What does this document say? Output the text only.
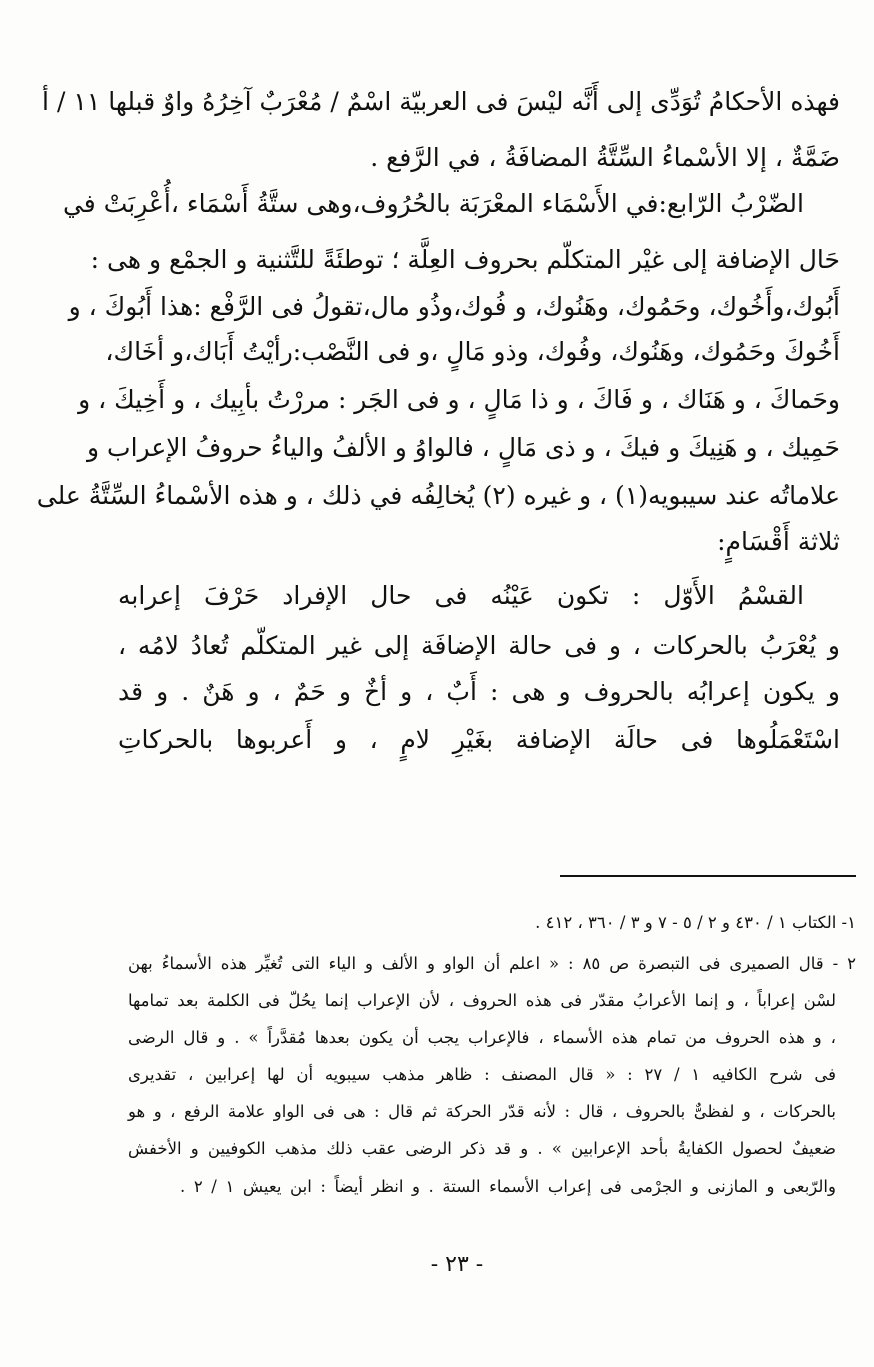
فهذه الأحكامُ تُوَدِّى إلى أَنَّه ليْسَ فى العربيّة اسْمٌ / مُعْرَبٌ آخِرُهُ واوٌ قبلها ١١ / أ
ضَمَّةٌ ، إلا الأسْماءُ السِّتَّةُ المضافَةُ ، في الرَّفع .
الضّرْبُ الرّابع:في الأَسْمَاء المعْرَبَة بالحُرُوف،وهى ستَّةُ أَسْمَاء ،أُعْرِبَتْ في
حَال الإضافة إلى غيْر المتكلّم بحروف العِلَّة ؛ توطئَةً للتَّثنية و الجمْع و هى :
أَبُوك،وأَخُوك، وحَمُوك، وهَنُوك، و فُوك،وذُو مال،تقولُ فى الرَّفْع :هذا أَبُوكَ ، و
أَخُوكَ وحَمُوك، وهَنُوك، وفُوك، وذو مَالٍ ،و فى النَّصْب:رأيْتُ أَبَاك،و أخَاك،
وحَماكَ ، و هَنَاك ، و فَاكَ ، و ذا مَالٍ ، و فى الجَر : مررْتُ بأبِيك ، و أَخِيكَ ، و
حَمِيك ، و هَنِيكَ و فيكَ ، و ذى مَالٍ ، فالواوُ و الألفُ والياءُ حروفُ الإعراب و
علاماتُه عند سيبويه(١) ، و غيره (٢) يُخالِفُه في ذلك ، و هذه الأسْماءُ السِّتَّةُ على
ثلاثة أَقْسَامٍ:
القسْمُ الأَوّل : تكون عَيْنُه فى حال الإفراد حَرْفَ إعرابه
و يُعْرَبُ بالحركات ، و فى حالة الإضافَة إلى غير المتكلّم تُعادُ لامُه ،
و يكون إعرابُه بالحروف و هى : أَبٌ ، و أخٌ و حَمٌ ، و هَنٌ . و قد
اسْتَعْمَلُوها فى حالَة الإضافة بغَيْرِ لامٍ ، و أَعربوها بالحركاتِ
١- الكتاب ١ / ٤٣٠ و ٢ / ٥ - ٧ و ٣ / ٣٦٠ ، ٤١٢ .
٢ - قال الصميرى فى التبصرة ص ٨٥ : « اعلم أن الواو و الألف و الياء التى تُغيِّر هذه الأسماءُ بهن
لسْن إعراباً ، و إنما الأعرابُ مقدّر فى هذه الحروف ، لأن الإعراب إنما يحُلّ فى الكلمة بعد تمامها
، و هذه الحروف من تمام هذه الأسماء ، فالإعراب يجب أن يكون بعدها مُقدَّراً » . و قال الرضى
فى شرح الكافيه ١ / ٢٧ : « قال المصنف : ظاهر مذهب سيبويه أن لها إعرابين ، تقديرى
بالحركات ، و لفظىٌّ بالحروف ، قال : لأنه قدّر الحركة ثم قال : هى فى الواو علامة الرفع ، و هو
ضعيفٌ لحصول الكفايةُ بأحد الإعرابين » . و قد ذكر الرضى عقب ذلك مذهب الكوفيين و الأخفش
والرّبعى و المازنى و الجرْمى فى إعراب الأسماء الستة . و انظر أيضاً : ابن يعيش ١ / ٢ .
- ٢٣ -
